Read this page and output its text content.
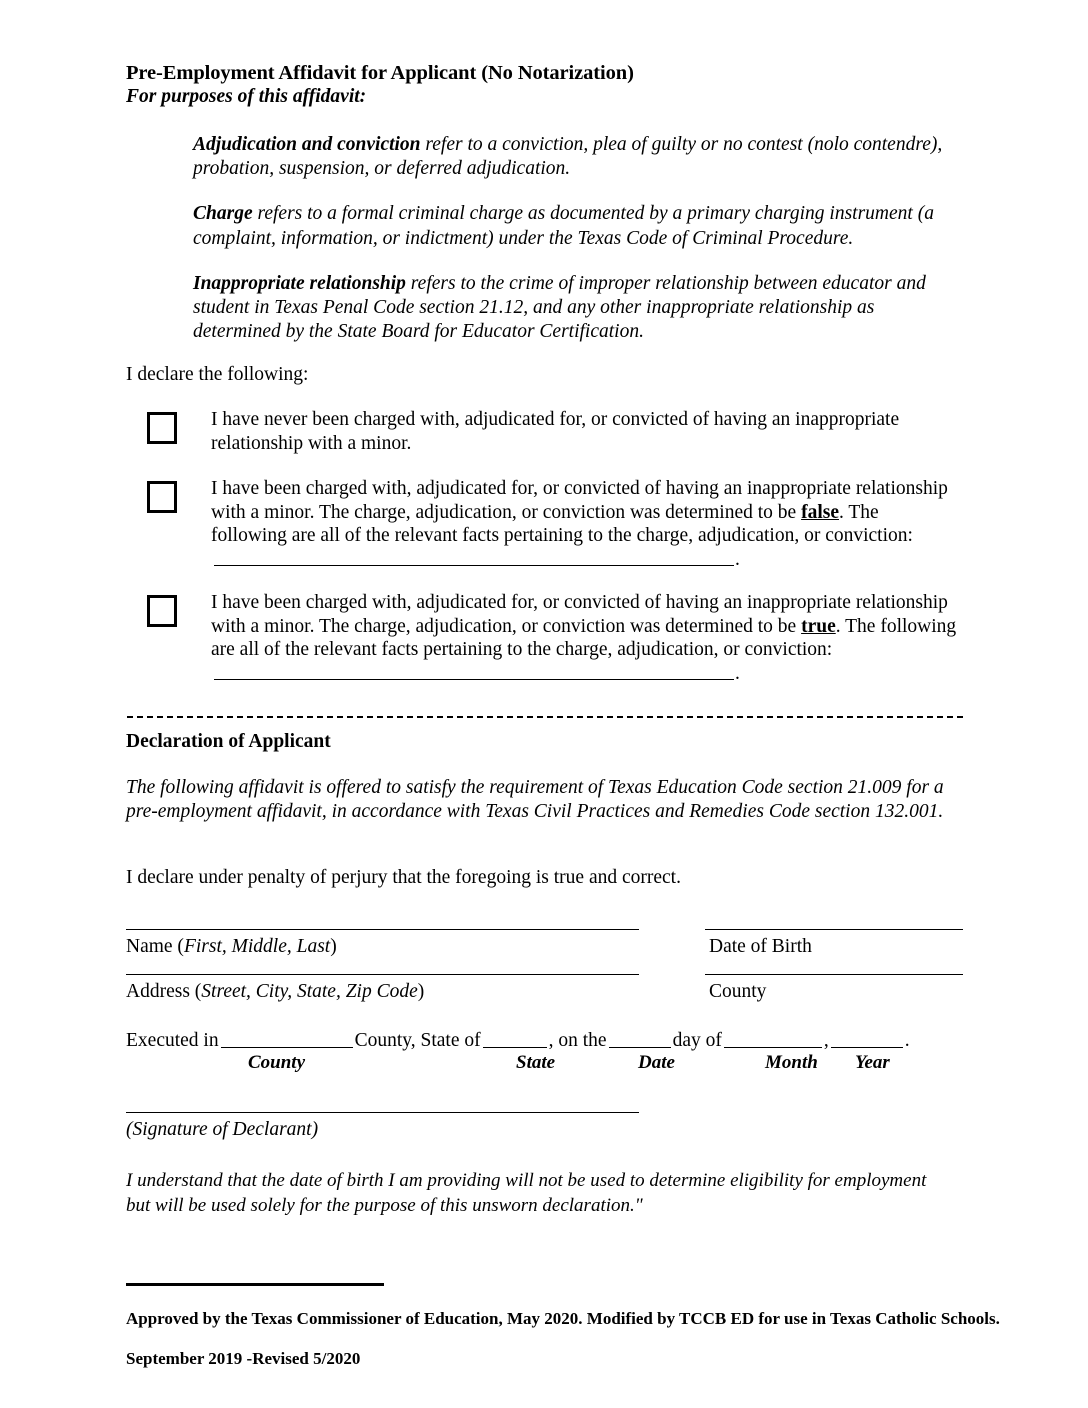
Pre-Employment Affidavit for Applicant (No Notarization)
For purposes of this affidavit:

Adjudication and conviction refer to a conviction, plea of guilty or no contest (nolo contendre), probation, suspension, or deferred adjudication.

Charge refers to a formal criminal charge as documented by a primary charging instrument (a complaint, information, or indictment) under the Texas Code of Criminal Procedure.

Inappropriate relationship refers to the crime of improper relationship between educator and student in Texas Penal Code section 21.12, and any other inappropriate relationship as determined by the State Board for Educator Certification.

I declare the following:
I have never been charged with, adjudicated for, or convicted of having an inappropriate relationship with a minor.
I have been charged with, adjudicated for, or convicted of having an inappropriate relationship with a minor. The charge, adjudication, or conviction was determined to be false. The following are all of the relevant facts pertaining to the charge, adjudication, or conviction:.
I have been charged with, adjudicated for, or convicted of having an inappropriate relationship with a minor. The charge, adjudication, or conviction was determined to be true. The following are all of the relevant facts pertaining to the charge, adjudication, or conviction:.
Declaration of Applicant
The following affidavit is offered to satisfy the requirement of Texas Education Code section 21.009 for a pre-employment affidavit, in accordance with Texas Civil Practices and Remedies Code section 132.001.
I declare under penalty of perjury that the foregoing is true and correct.
Name (First, Middle, Last)	Date of Birth
Address (Street, City, State, Zip Code)	County
Executed in	County, State of	, on the	day of	,	.
County	State	Date	Month Year
(Signature of Declarant)
I understand that the date of birth I am providing will not be used to determine eligibility for employment but will be used solely for the purpose of this unsworn declaration."
Approved by the Texas Commissioner of Education, May 2020. Modified by TCCB ED for use in Texas Catholic Schools.
September 2019 -Revised 5/2020
